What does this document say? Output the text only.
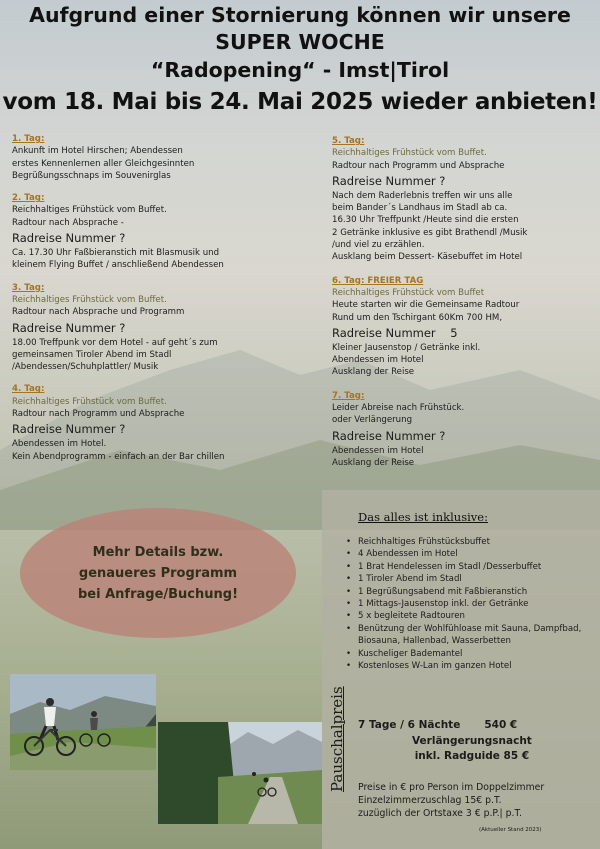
Aufgrund einer Stornierung können wir unsere
SUPER WOCHE
“Radopening“ - Imst|Tirol
vom 18. Mai bis 24. Mai 2025 wieder anbieten!
1. Tag:
Ankunft im Hotel Hirschen; Abendessen
erstes Kennenlernen aller Gleichgesinnten
Begrüßungsschnaps im Souvenirglas
2. Tag:
Reichhaltiges Frühstück vom Buffet.
Radtour nach Absprache -
Radreise Nummer ?
Ca. 17.30 Uhr Faßbieranstich mit Blasmusik und
kleinem Flying Buffet / anschließend Abendessen
3. Tag:
Reichhaltiges Frühstück vom Buffet.
Radtour nach Absprache und Programm
Radreise Nummer ?
18.00 Treffpunk vor dem Hotel - auf geht´s zum
gemeinsamen Tiroler Abend im Stadl
/Abendessen/Schuhplattler/ Musik
4. Tag:
Reichhaltiges Frühstück vom Buffet.
Radtour nach Programm und Absprache
Radreise Nummer ?
Abendessen im Hotel.
Kein Abendprogramm - einfach an der Bar chillen
5. Tag:
Reichhaltiges Frühstück vom Buffet.
Radtour nach Programm und Absprache
Radreise Nummer ?
Nach dem Raderlebnis treffen wir uns alle
beim Bander´s Landhaus im Stadl ab ca.
16.30 Uhr Treffpunkt /Heute sind die ersten
2 Getränke inklusive es gibt Brathendl /Musik
/und viel zu erzählen.
Ausklang beim Dessert- Käsebuffet im Hotel
6. Tag: FREIER TAG
Reichhaltiges Frühstück vom Buffet
Heute starten wir die Gemeinsame Radtour
Rund um den Tschirgant 60Km 700 HM,
Radreise Nummer    5
Kleiner Jausenstop / Getränke inkl.
Abendessen im Hotel
Ausklang der Reise
7. Tag:
Leider Abreise nach Frühstück.
oder Verlängerung
Radreise Nummer ?
Abendessen im Hotel
Ausklang der Reise
Mehr Details bzw.
genaueres Programm
bei Anfrage/Buchung!
Das alles ist inklusive:
• Reichhaltiges Frühstücksbuffet
• 4 Abendessen im Hotel
• 1 Brat Hendelessen im Stadl /Desserbuffet
• 1 Tiroler Abend im Stadl
• 1 Begrüßungsabend mit Faßbieranstich
• 1 Mittags-Jausenstop inkl. der Getränke
• 5 x begleitete Radtouren
• Benützung der Wohlfühloase mit Sauna, Dampfbad, Biosauna, Hallenbad, Wasserbetten
• Kuscheliger Bademantel
• Kostenloses W-Lan im ganzen Hotel
Pauschalpreis 7 Tage / 6 Nächte 540 €
Verlängerungsnacht
inkl. Radguide 85 €
Preise in € pro Person im Doppelzimmer
Einzelzimmerzuschlag 15€ p.T.
zuzüglich der Ortstaxe 3 € p.P.| p.T.
(Aktueller Stand 2023)
